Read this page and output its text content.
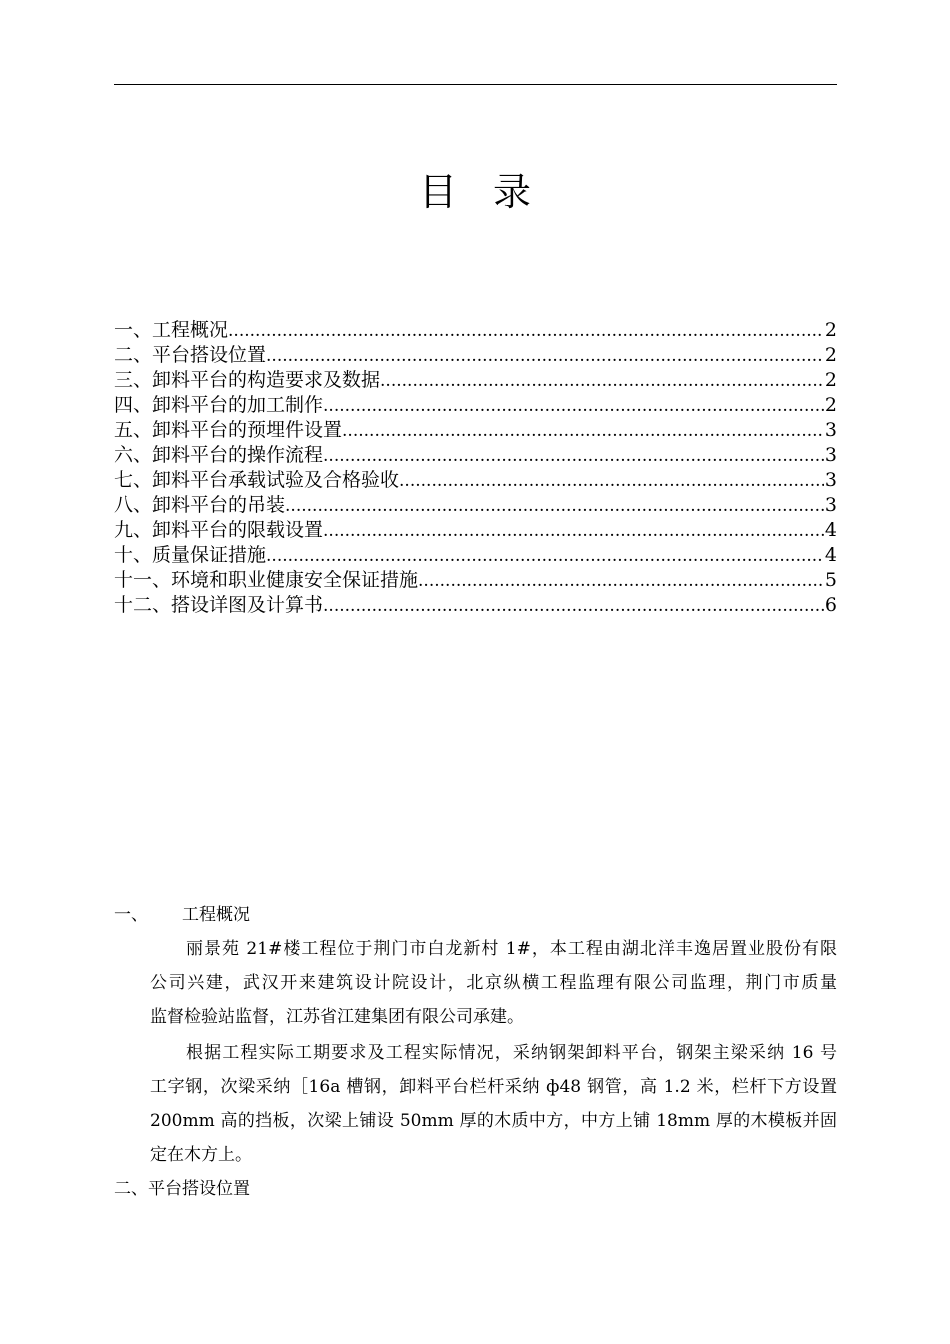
目录
一、工程概况 .....	2
二、平台搭设位置 .....	2
三、卸料平台的构造要求及数据 .....	2
四、卸料平台的加工制作 .....	2
五、卸料平台的预埋件设置 .....	3
六、卸料平台的操作流程 .....	3
七、卸料平台承载试验及合格验收 .....	3
八、卸料平台的吊装 .....	3
九、卸料平台的限载设置 .....	4
十、质量保证措施 .....	4
十一、环境和职业健康安全保证措施 .....	5
十二、搭设详图及计算书 .....	6
一、 工程概况
丽景苑 21#楼工程位于荆门市白龙新村 1#，本工程由湖北洋丰逸居置业股份有限
公司兴建，武汉开来建筑设计院设计，北京纵横工程监理有限公司监理，荆门市质量
监督检验站监督，江苏省江建集团有限公司承建。
根据工程实际工期要求及工程实际情况，采纳钢架卸料平台，钢架主梁采纳 16 号
工字钢，次梁采纳［16a 槽钢，卸料平台栏杆采纳 ф48 钢管，高 1.2 米，栏杆下方设置
200mm 高的挡板，次梁上铺设 50mm 厚的木质中方，中方上铺 18mm 厚的木模板并固
定在木方上。
二、平台搭设位置
